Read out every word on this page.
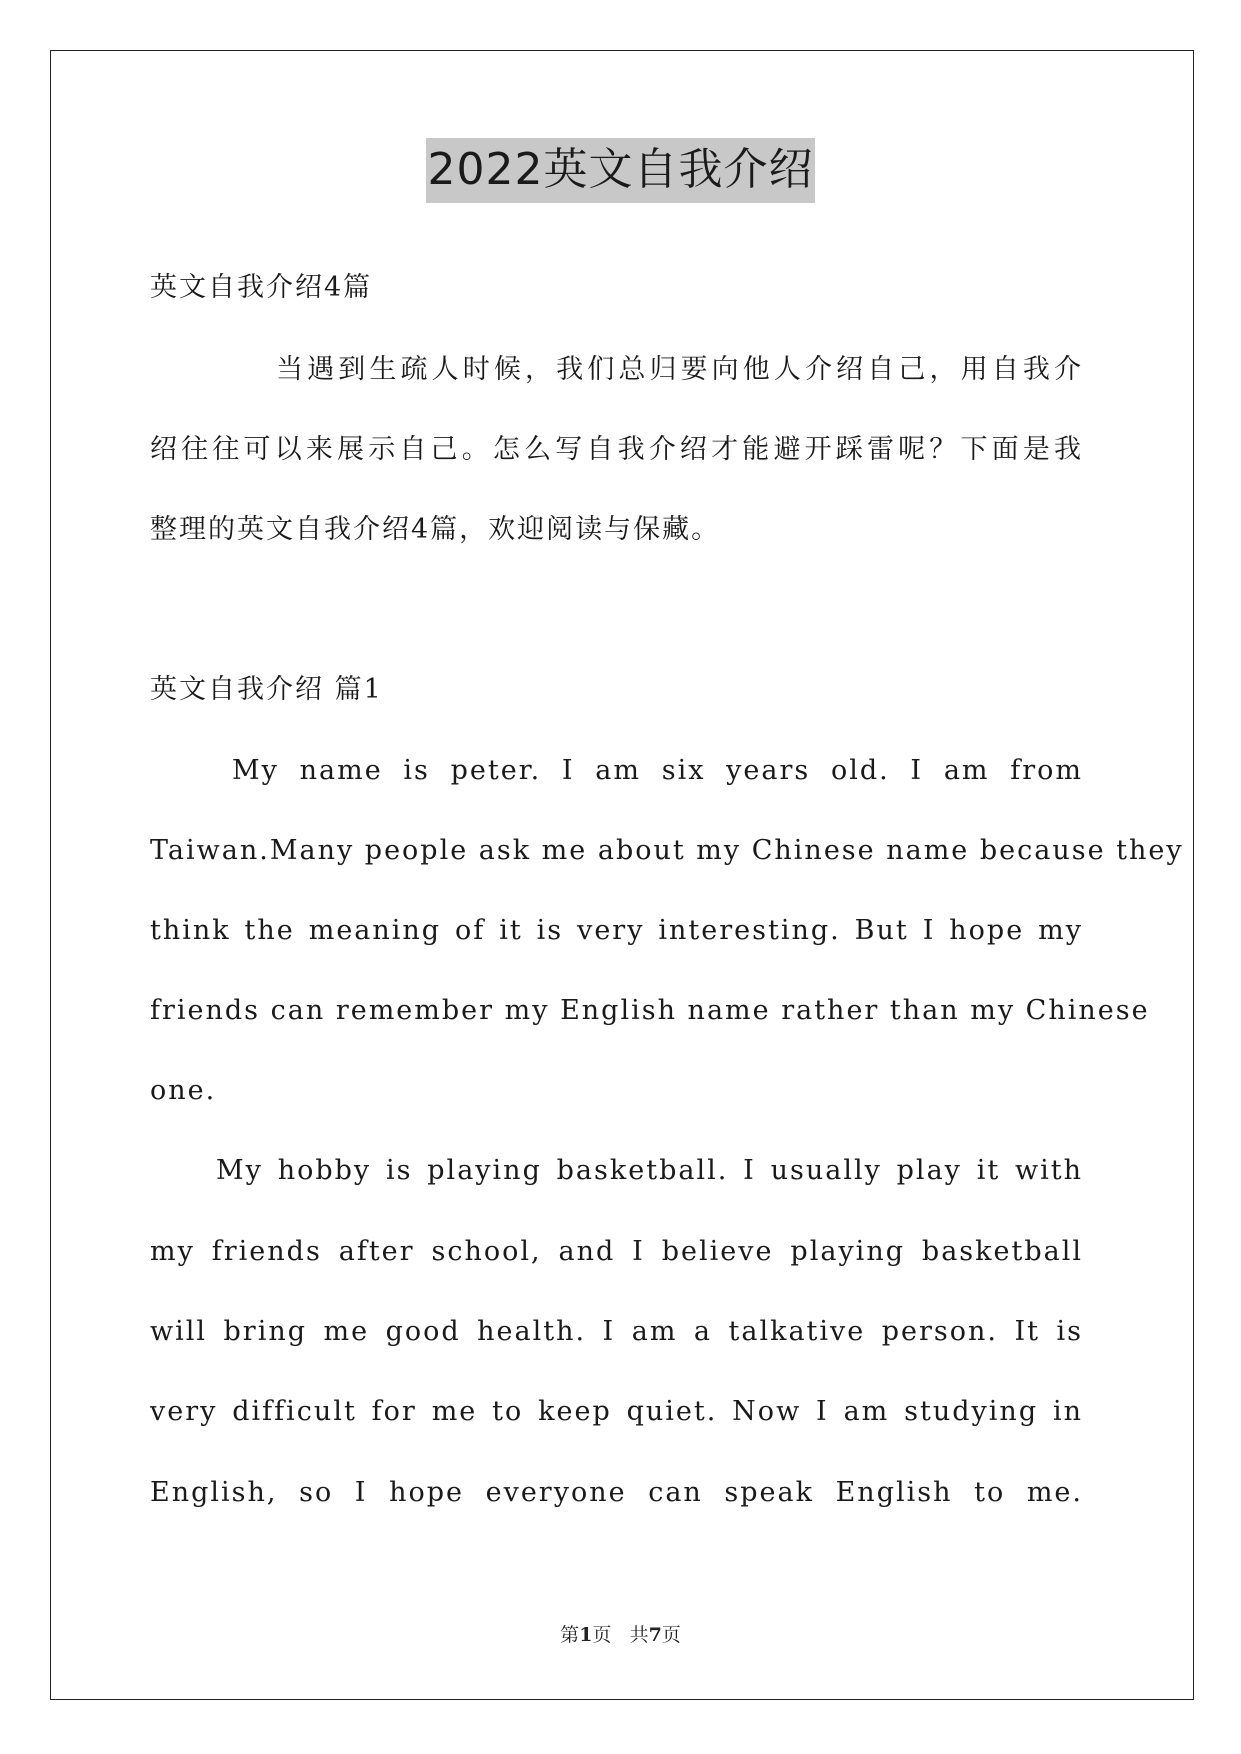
2022英文自我介绍

英文自我介绍4篇

当遇到生疏人时候，我们总归要向他人介绍自己，用自我介

绍往往可以来展示自己。怎么写自我介绍才能避开踩雷呢？下面是我

整理的英文自我介绍4篇，欢迎阅读与保藏。

英文自我介绍 篇1

My name is peter. I am six years old. I am from

Taiwan.Many people ask me about my Chinese name because they

think the meaning of it is very interesting. But I hope my

friends can remember my English name rather than my Chinese

one.

My hobby is playing basketball. I usually play it with

my friends after school, and I believe playing basketball

will bring me good health. I am a talkative person. It is

very difficult for me to keep quiet. Now I am studying in

English, so I hope everyone can speak English to me.

第1页 共7页
